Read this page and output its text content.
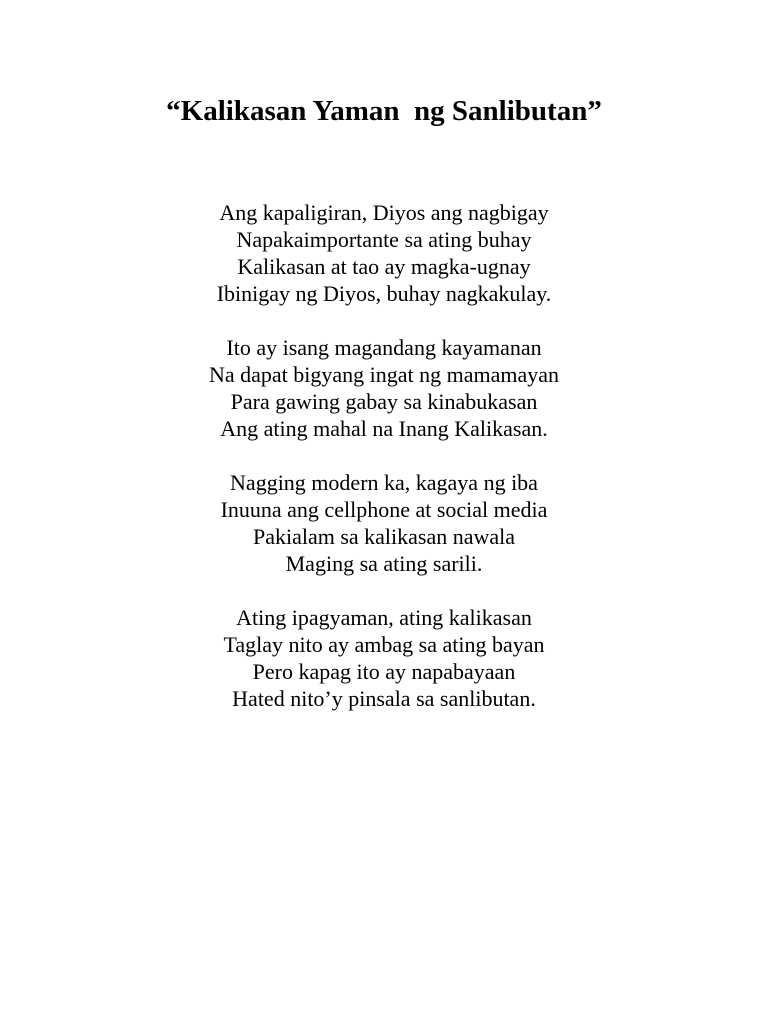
“Kalikasan Yaman  ng Sanlibutan”
Ang kapaligiran, Diyos ang nagbigay
Napakaimportante sa ating buhay
Kalikasan at tao ay magka-ugnay
Ibinigay ng Diyos, buhay nagkakulay.
Ito ay isang magandang kayamanan
Na dapat bigyang ingat ng mamamayan
Para gawing gabay sa kinabukasan
Ang ating mahal na Inang Kalikasan.
Nagging modern ka, kagaya ng iba
Inuuna ang cellphone at social media
Pakialam sa kalikasan nawala
Maging sa ating sarili.
Ating ipagyaman, ating kalikasan
Taglay nito ay ambag sa ating bayan
Pero kapag ito ay napabayaan
Hated nito’y pinsala sa sanlibutan.
